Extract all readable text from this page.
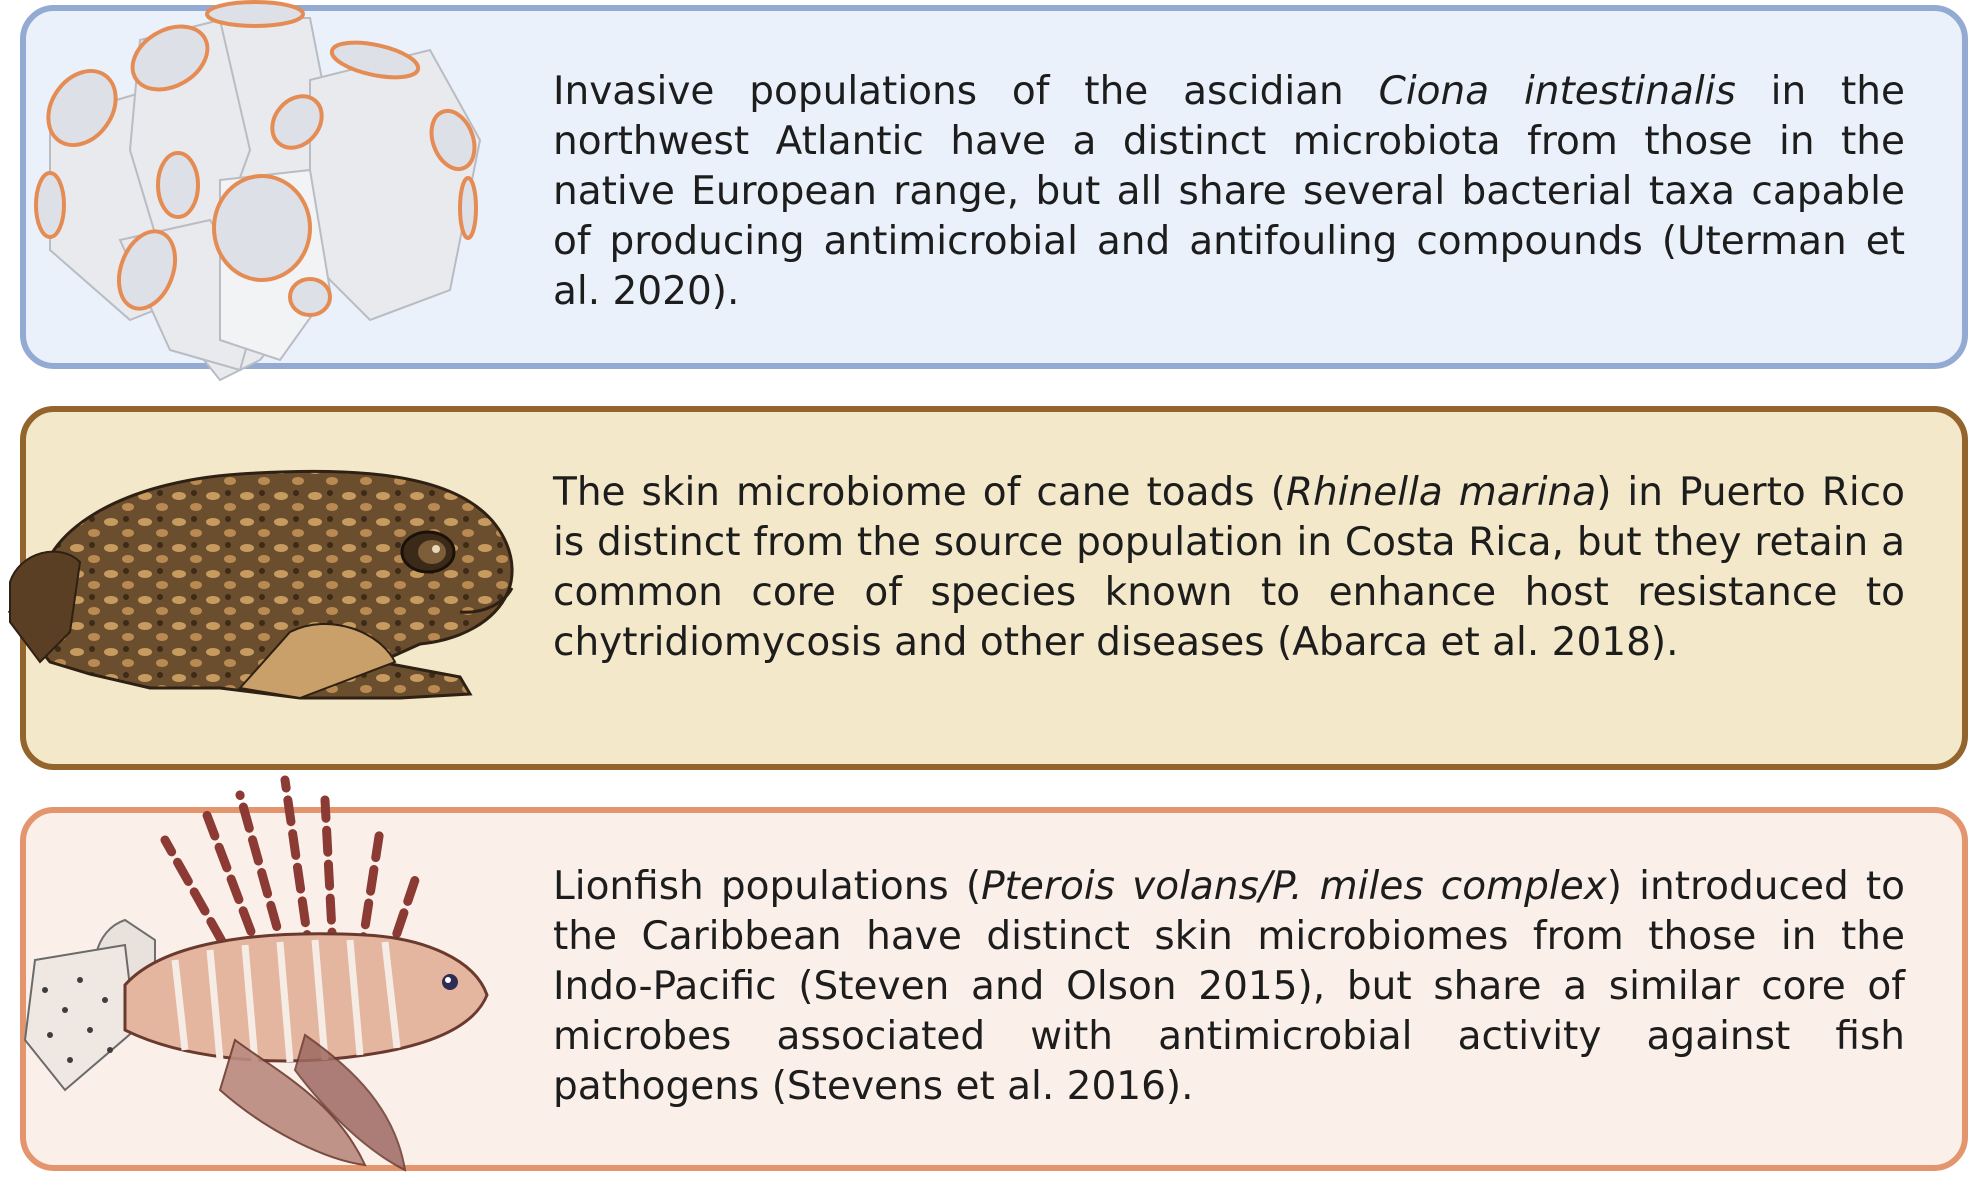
Invasive populations of the ascidian Ciona intestinalis in the northwest Atlantic have a distinct microbiota from those in the native European range, but all share several bacterial taxa capable of producing antimicrobial and antifouling compounds (Uterman et al. 2020).

The skin microbiome of cane toads (Rhinella marina) in Puerto Rico is distinct from the source population in Costa Rica, but they retain a common core of species known to enhance host resistance to chytridiomycosis and other diseases (Abarca et al. 2018).

Lionfish populations (Pterois volans/P. miles complex) introduced to the Caribbean have distinct skin microbiomes from those in the Indo-Pacific (Steven and Olson 2015), but share a similar core of microbes associated with antimicrobial activity against fish pathogens (Stevens et al. 2016).
